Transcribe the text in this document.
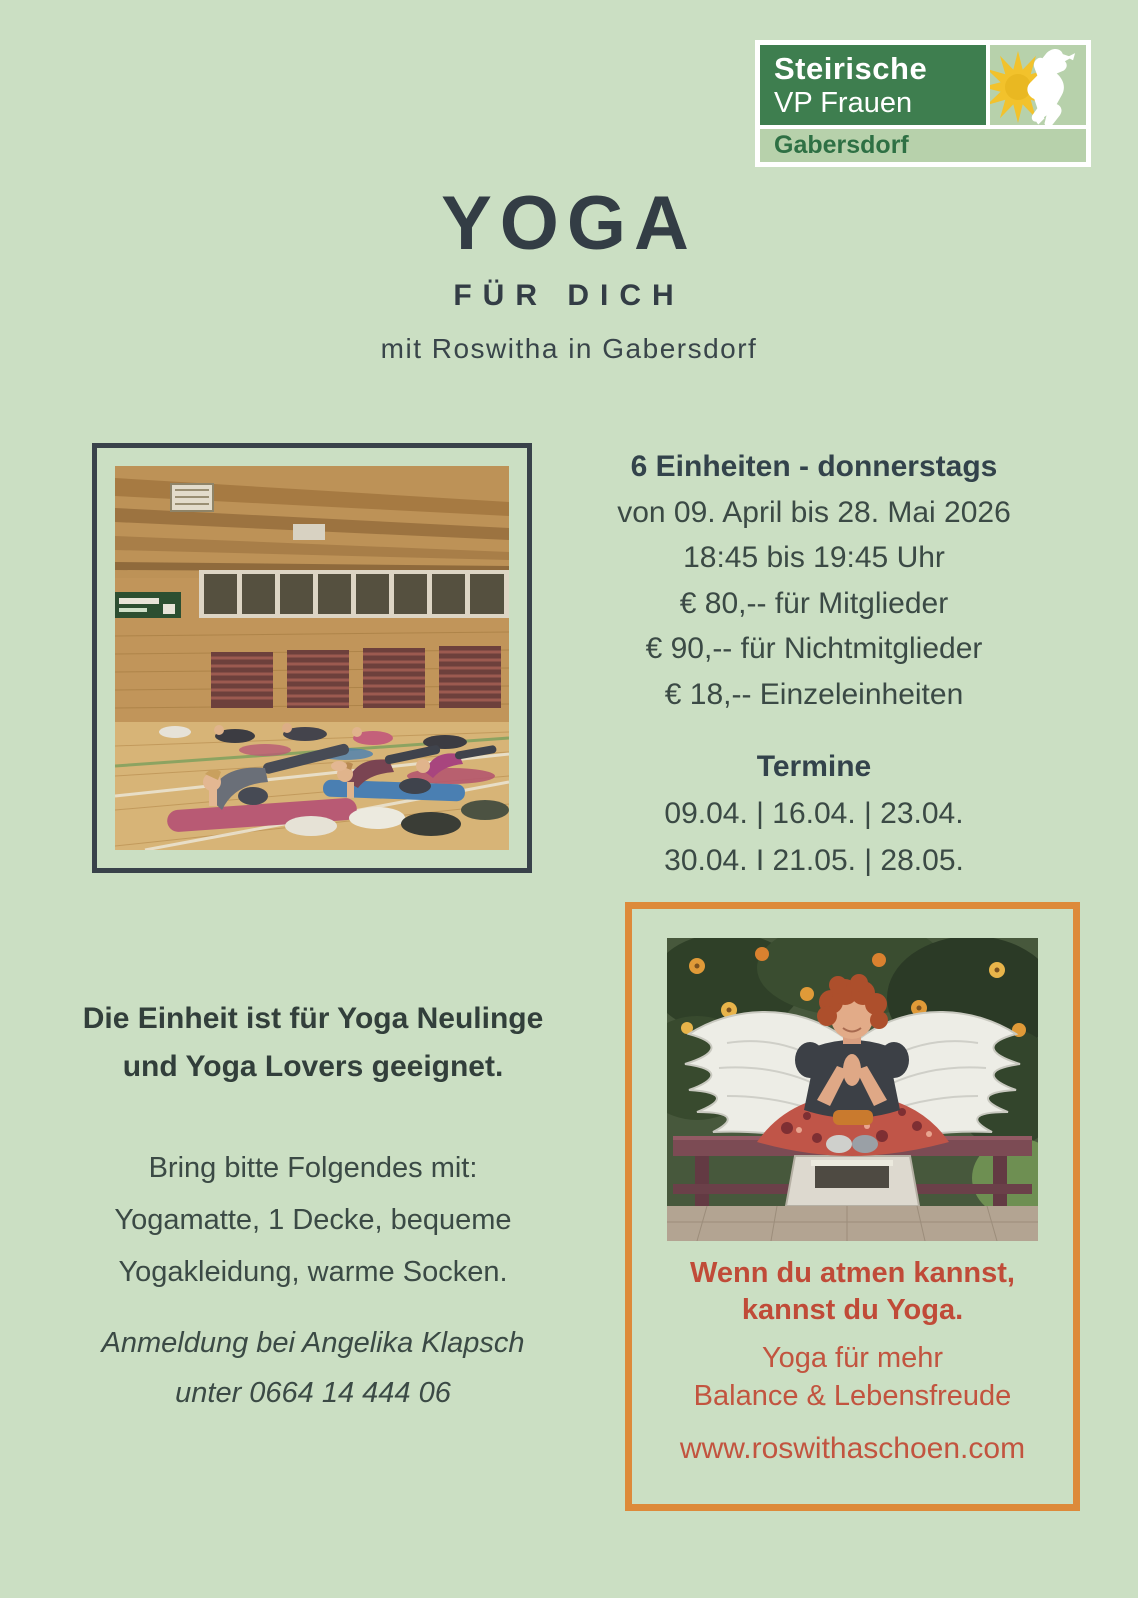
Steirische
VP Frauen
Gabersdorf
YOGA
FÜR DICH
mit Roswitha in Gabersdorf
6 Einheiten - donnerstags
von 09. April bis 28. Mai 2026
18:45 bis 19:45 Uhr
€ 80,-- für Mitglieder
€ 90,-- für Nichtmitglieder
€ 18,-- Einzeleinheiten
Termine
09.04. | 16.04. | 23.04.
30.04. I 21.05. | 28.05.
Die Einheit ist für Yoga Neulinge
und Yoga Lovers geeignet.
Bring bitte Folgendes mit:
Yogamatte, 1 Decke, bequeme
Yogakleidung, warme Socken.
Anmeldung bei Angelika Klapsch
unter 0664 14 444 06
Wenn du atmen kannst,
kannst du Yoga.
Yoga für mehr
Balance & Lebensfreude
www.roswithaschoen.com
